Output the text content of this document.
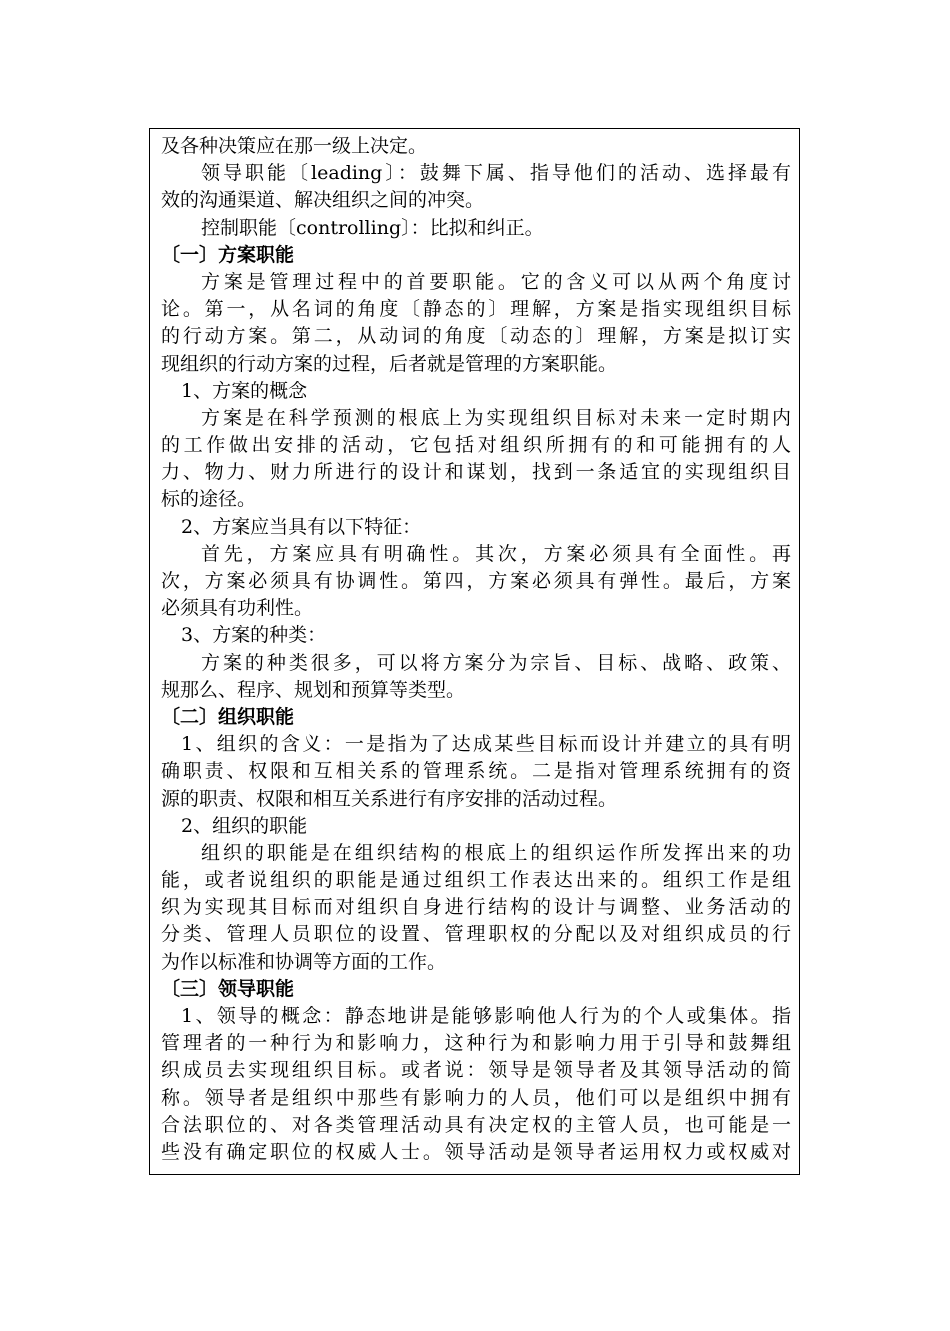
及各种决策应在那一级上决定。
领导职能〔leading〕：鼓舞下属、指导他们的活动、选择最有
效的沟通渠道、解决组织之间的冲突。
控制职能〔controlling〕：比拟和纠正。
〔一〕方案职能
方案是管理过程中的首要职能。它的含义可以从两个角度讨
论。第一，从名词的角度〔静态的〕理解，方案是指实现组织目标
的行动方案。第二，从动词的角度〔动态的〕理解，方案是拟订实
现组织的行动方案的过程，后者就是管理的方案职能。
1、方案的概念
方案是在科学预测的根底上为实现组织目标对未来一定时期内
的工作做出安排的活动，它包括对组织所拥有的和可能拥有的人
力、物力、财力所进行的设计和谋划，找到一条适宜的实现组织目
标的途径。
2、方案应当具有以下特征：
首先，方案应具有明确性。其次，方案必须具有全面性。再
次，方案必须具有协调性。第四，方案必须具有弹性。最后，方案
必须具有功利性。
3、方案的种类：
方案的种类很多，可以将方案分为宗旨、目标、战略、政策、
规那么、程序、规划和预算等类型。
〔二〕组织职能
1、组织的含义：一是指为了达成某些目标而设计并建立的具有明
确职责、权限和互相关系的管理系统。二是指对管理系统拥有的资
源的职责、权限和相互关系进行有序安排的活动过程。
2、组织的职能
组织的职能是在组织结构的根底上的组织运作所发挥出来的功
能，或者说组织的职能是通过组织工作表达出来的。组织工作是组
织为实现其目标而对组织自身进行结构的设计与调整、业务活动的
分类、管理人员职位的设置、管理职权的分配以及对组织成员的行
为作以标准和协调等方面的工作。
〔三〕领导职能
1、领导的概念：静态地讲是能够影响他人行为的个人或集体。指
管理者的一种行为和影响力，这种行为和影响力用于引导和鼓舞组
织成员去实现组织目标。或者说：领导是领导者及其领导活动的简
称。领导者是组织中那些有影响力的人员，他们可以是组织中拥有
合法职位的、对各类管理活动具有决定权的主管人员，也可能是一
些没有确定职位的权威人士。领导活动是领导者运用权力或权威对
